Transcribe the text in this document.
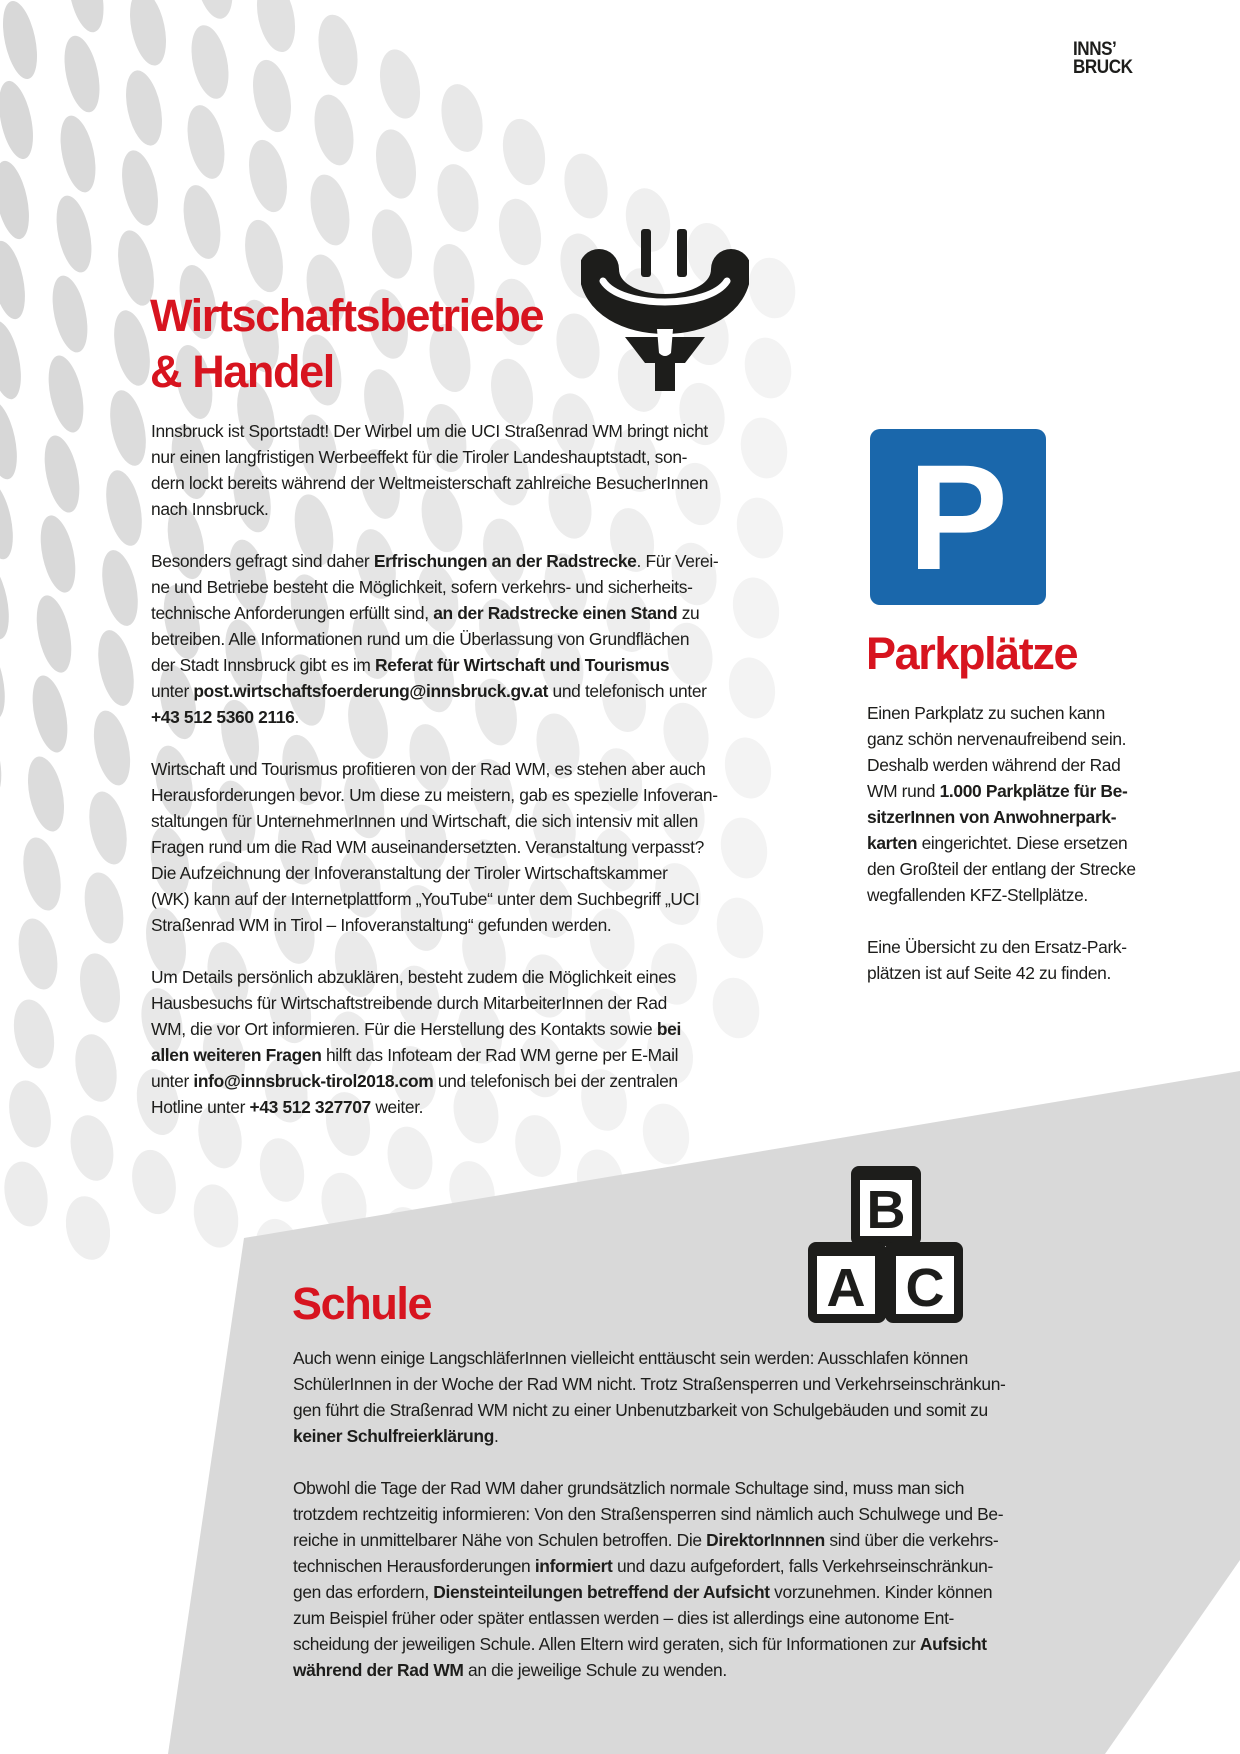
INNS’
BRUCK
Wirtschaftsbetriebe
& Handel
Innsbruck ist Sportstadt! Der Wirbel um die UCI Straßenrad WM bringt nicht
nur einen langfristigen Werbeeffekt für die Tiroler Landeshauptstadt, son-
dern lockt bereits während der Weltmeisterschaft zahlreiche BesucherInnen
nach Innsbruck.
Besonders gefragt sind daher Erfrischungen an der Radstrecke. Für Verei-
ne und Betriebe besteht die Möglichkeit, sofern verkehrs- und sicherheits-
technische Anforderungen erfüllt sind, an der Radstrecke einen Stand zu
betreiben. Alle Informationen rund um die Überlassung von Grundflächen
der Stadt Innsbruck gibt es im Referat für Wirtschaft und Tourismus
unter post.wirtschaftsfoerderung@innsbruck.gv.at und telefonisch unter
+43 512 5360 2116.
Wirtschaft und Tourismus profitieren von der Rad WM, es stehen aber auch
Herausforderungen bevor. Um diese zu meistern, gab es spezielle Infoveran-
staltungen für UnternehmerInnen und Wirtschaft, die sich intensiv mit allen
Fragen rund um die Rad WM auseinandersetzten. Veranstaltung verpasst?
Die Aufzeichnung der Infoveranstaltung der Tiroler Wirtschaftskammer
(WK) kann auf der Internetplattform „YouTube“ unter dem Suchbegriff „UCI
Straßenrad WM in Tirol – Infoveranstaltung“ gefunden werden.
Um Details persönlich abzuklären, besteht zudem die Möglichkeit eines
Hausbesuchs für Wirtschaftstreibende durch MitarbeiterInnen der Rad
WM, die vor Ort informieren. Für die Herstellung des Kontakts sowie bei
allen weiteren Fragen hilft das Infoteam der Rad WM gerne per E-Mail
unter info@innsbruck-tirol2018.com und telefonisch bei der zentralen
Hotline unter +43 512 327707 weiter.
P
Parkplätze
Einen Parkplatz zu suchen kann
ganz schön nervenaufreibend sein.
Deshalb werden während der Rad
WM rund 1.000 Parkplätze für Be-
sitzerInnen von Anwohnerpark-
karten eingerichtet. Diese ersetzen
den Großteil der entlang der Strecke
wegfallenden KFZ-Stellplätze.
Eine Übersicht zu den Ersatz-Park-
plätzen ist auf Seite 42 zu finden.
Schule
B
A C
Auch wenn einige LangschläferInnen vielleicht enttäuscht sein werden: Ausschlafen können
SchülerInnen in der Woche der Rad WM nicht. Trotz Straßensperren und Verkehrseinschränkun-
gen führt die Straßenrad WM nicht zu einer Unbenutzbarkeit von Schulgebäuden und somit zu
keiner Schulfreierklärung.
Obwohl die Tage der Rad WM daher grundsätzlich normale Schultage sind, muss man sich
trotzdem rechtzeitig informieren: Von den Straßensperren sind nämlich auch Schulwege und Be-
reiche in unmittelbarer Nähe von Schulen betroffen. Die DirektorInnnen sind über die verkehrs-
technischen Herausforderungen informiert und dazu aufgefordert, falls Verkehrseinschränkun-
gen das erfordern, Diensteinteilungen betreffend der Aufsicht vorzunehmen. Kinder können
zum Beispiel früher oder später entlassen werden – dies ist allerdings eine autonome Ent-
scheidung der jeweiligen Schule. Allen Eltern wird geraten, sich für Informationen zur Aufsicht
während der Rad WM an die jeweilige Schule zu wenden.
